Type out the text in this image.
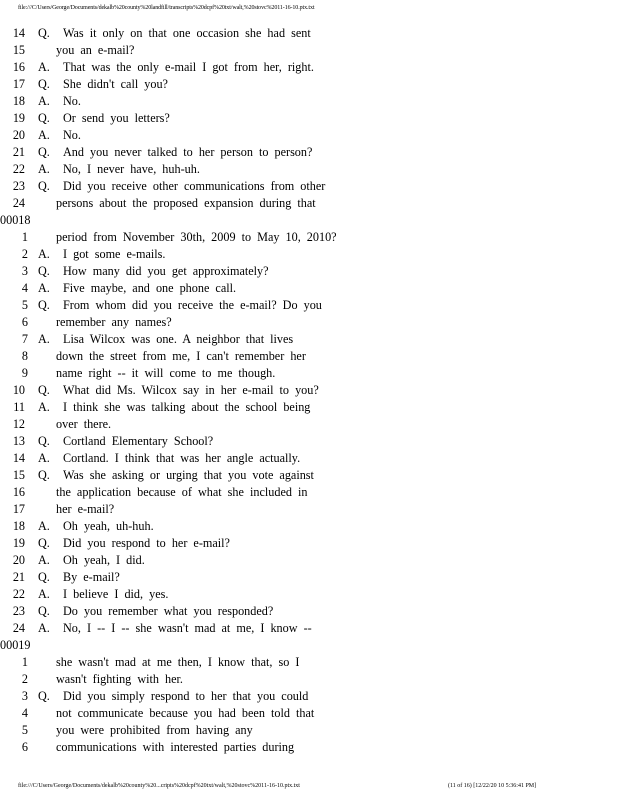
file:///C/Users/George/Documents/dekalb%20county%20landfill/transcripts%20dcpf%20txt/walt,%20stovc%2011-16-10.ptx.txt
14 Q. Was it only on that one occasion she had sent
15	you an e-mail?
16 A. That was the only e-mail I got from her, right.
17 Q. She didn't call you?
18 A. No.
19 Q. Or send you letters?
20 A. No.
21 Q. And you never talked to her person to person?
22 A. No, I never have, huh-uh.
23 Q. Did you receive other communications from other
24	persons about the proposed expansion during that
00018
1 period from November 30th, 2009 to May 10, 2010?
2 A. I got some e-mails.
3 Q. How many did you get approximately?
4 A. Five maybe, and one phone call.
5 Q. From whom did you receive the e-mail? Do you
6 remember any names?
7 A. Lisa Wilcox was one. A neighbor that lives
8 down the street from me, I can't remember her
9 name right -- it will come to me though.
10 Q. What did Ms. Wilcox say in her e-mail to you?
11 A. I think she was talking about the school being
12	over there.
13 Q. Cortland Elementary School?
14 A. Cortland. I think that was her angle actually.
15 Q. Was she asking or urging that you vote against
16	the application because of what she included in
17	her e-mail?
18 A. Oh yeah, uh-huh.
19 Q. Did you respond to her e-mail?
20 A. Oh yeah, I did.
21 Q. By e-mail?
22 A. I believe I did, yes.
23 Q. Do you remember what you responded?
24 A. No, I -- I -- she wasn't mad at me, I know --
00019
1 she wasn't mad at me then, I know that, so I
2 wasn't fighting with her.
3 Q. Did you simply respond to her that you could
4 not communicate because you had been told that
5 you were prohibited from having any
6 communications with interested parties during
file:///C/Users/George/Documents/dekalb%20county%20...cripts%20dcpf%20txt/walt,%20stovc%2011-16-10.ptx.txt	(11 of 16) [12/22/20 10 5:36:41 PM]
